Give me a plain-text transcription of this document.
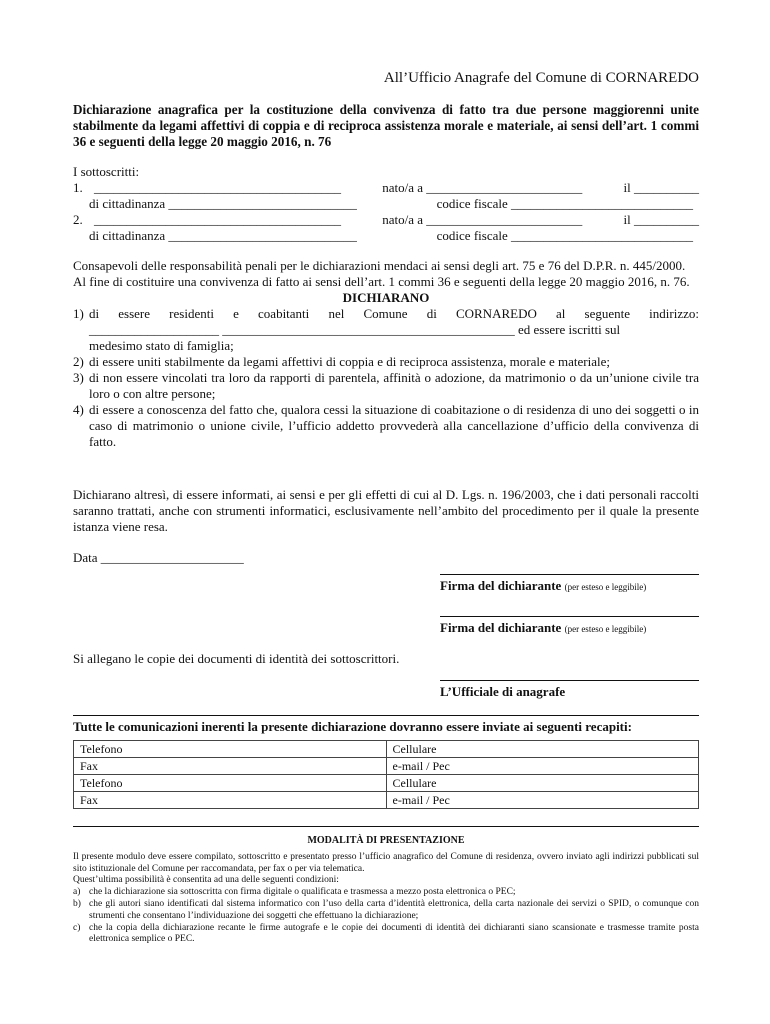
All’Ufficio Anagrafe del Comune di CORNAREDO
Dichiarazione anagrafica per la costituzione della convivenza di fatto tra due persone maggiorenni unite stabilmente da legami affettivi di coppia e di reciproca assistenza morale e materiale, ai sensi dell’art. 1 commi 36 e seguenti della legge 20 maggio 2016, n. 76

I sottoscritti:

1. ______________________________________	nato/a a ________________________	il __________
di cittadinanza _____________________________	codice fiscale ____________________________
2. ______________________________________	nato/a a ________________________	il __________
di cittadinanza _____________________________	codice fiscale ____________________________

Consapevoli delle responsabilità penali per le dichiarazioni mendaci ai sensi degli art. 75 e 76 del D.P.R. n. 445/2000.

Al fine di costituire una convivenza di fatto ai sensi dell’art. 1 commi 36 e seguenti della legge 20 maggio 2016, n. 76.

DICHIARANO

1) di essere residenti e coabitanti nel Comune di CORNAREDO al seguente indirizzo:
____________________ _____________________________________________ ed essere iscritti sul
medesimo stato di famiglia;
2) di essere uniti stabilmente da legami affettivi di coppia e di reciproca assistenza, morale e materiale;
3) di non essere vincolati tra loro da rapporti di parentela, affinità o adozione, da matrimonio o da un’unione civile tra loro o con altre persone;
4) di essere a conoscenza del fatto che, qualora cessi la situazione di coabitazione o di residenza di uno dei soggetti o in caso di matrimonio o unione civile, l’ufficio addetto provvederà alla cancellazione d’ufficio della convivenza di fatto.

Dichiarano altresì, di essere informati, ai sensi e per gli effetti di cui al D. Lgs. n. 196/2003, che i dati personali raccolti saranno trattati, anche con strumenti informatici, esclusivamente nell’ambito del procedimento per il quale la presente istanza viene resa.

Data ______________________
Firma del dichiarante (per esteso e leggibile)
Firma del dichiarante (per esteso e leggibile)

Si allegano le copie dei documenti di identità dei sottoscrittori.

L’Ufficiale di anagrafe
Tutte le comunicazioni inerenti la presente dichiarazione dovranno essere inviate ai seguenti recapiti:
Telefono	Cellulare
Fax	e-mail / Pec
Telefono	Cellulare
Fax	e-mail / Pec
MODALITÀ DI PRESENTAZIONE
Il presente modulo deve essere compilato, sottoscritto e presentato presso l’ufficio anagrafico del Comune di residenza, ovvero inviato agli indirizzi pubblicati sul sito istituzionale del Comune per raccomandata, per fax o per via telematica.
Quest’ultima possibilità è consentita ad una delle seguenti condizioni:
a) che la dichiarazione sia sottoscritta con firma digitale o qualificata e trasmessa a mezzo posta elettronica o PEC;
b) che gli autori siano identificati dal sistema informatico con l’uso della carta d’identità elettronica, della carta nazionale dei servizi o SPID, o comunque con strumenti che consentano l’individuazione dei soggetti che effettuano la dichiarazione;
c) che la copia della dichiarazione recante le firme autografe e le copie dei documenti di identità dei dichiaranti siano scansionate e trasmesse tramite posta elettronica semplice o PEC.
